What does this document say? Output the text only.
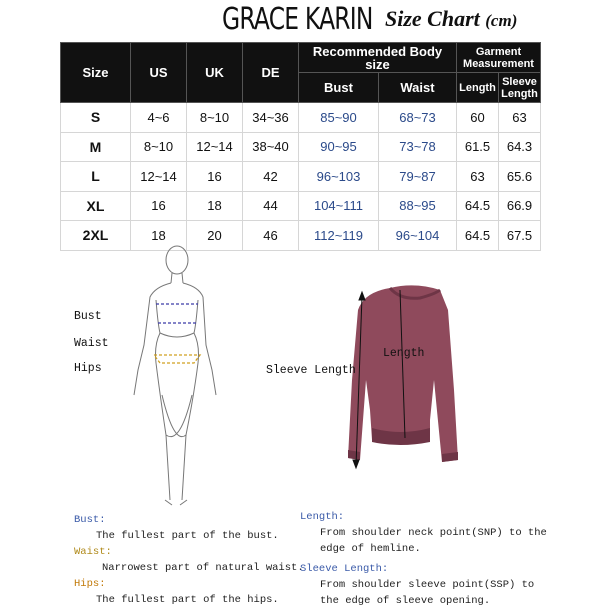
GRACE KARIN Size Chart (cm)
Size	US	UK	DE	Recommended Body size		Garment Measurement	
				Bust	Waist	Length	Sleeve Length
S	4~6	8~10	34~36	85~90	68~73	60	63
M	8~10	12~14	38~40	90~95	73~78	61.5	64.3
L	12~14	16	42	96~103	79~87	63	65.6
XL	16	18	44	104~111	88~95	64.5	66.9
2XL	18	20	46	112~119	96~104	64.5	67.5
Bust
Waist
Hips
Length
Sleeve Length
Bust:
The fullest part of the bust.
Waist:
Narrowest part of natural waist.
Hips:
The fullest part of the hips.
Length:
From shoulder neck point(SNP) to the
edge of hemline.
Sleeve Length:
From shoulder sleeve point(SSP) to
the edge of sleeve opening.
